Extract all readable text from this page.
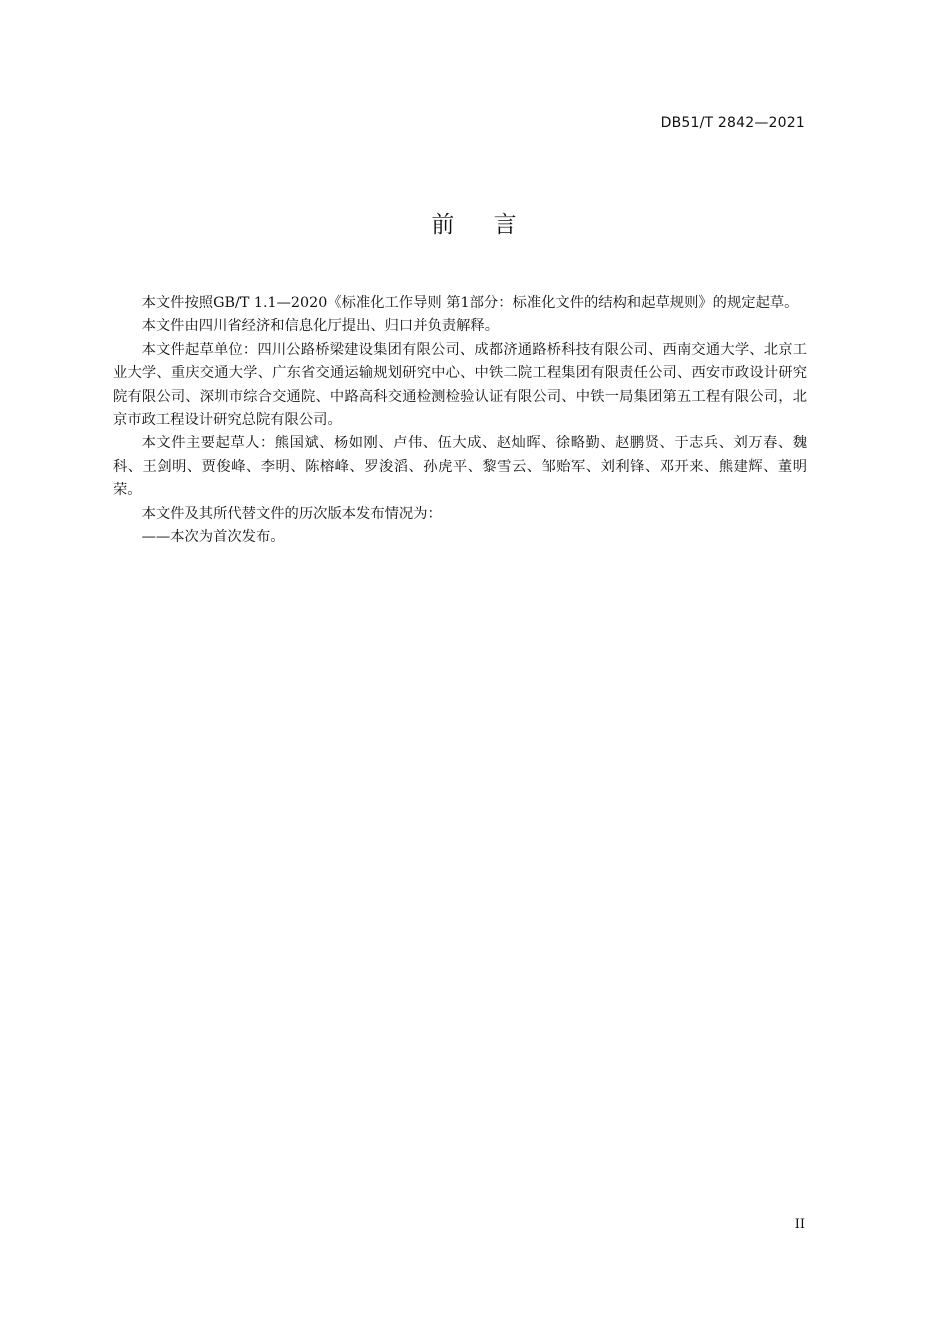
DB51/T 2842—2021
前 言

本文件按照GB/T 1.1—2020《标准化工作导则 第1部分：标准化文件的结构和起草规则》的规定起草。

本文件由四川省经济和信息化厅提出、归口并负责解释。

本文件起草单位：四川公路桥梁建设集团有限公司、成都济通路桥科技有限公司、西南交通大学、北京工业大学、重庆交通大学、广东省交通运输规划研究中心、中铁二院工程集团有限责任公司、西安市政设计研究院有限公司、深圳市综合交通院、中路高科交通检测检验认证有限公司、中铁一局集团第五工程有限公司，北京市政工程设计研究总院有限公司。

本文件主要起草人：熊国斌、杨如刚、卢伟、伍大成、赵灿晖、徐略勤、赵鹏贤、于志兵、刘万春、魏科、王剑明、贾俊峰、李明、陈榕峰、罗浚滔、孙虎平、黎雪云、邹贻军、刘利锋、邓开来、熊建辉、董明荣。

本文件及其所代替文件的历次版本发布情况为：

——本次为首次发布。

II
